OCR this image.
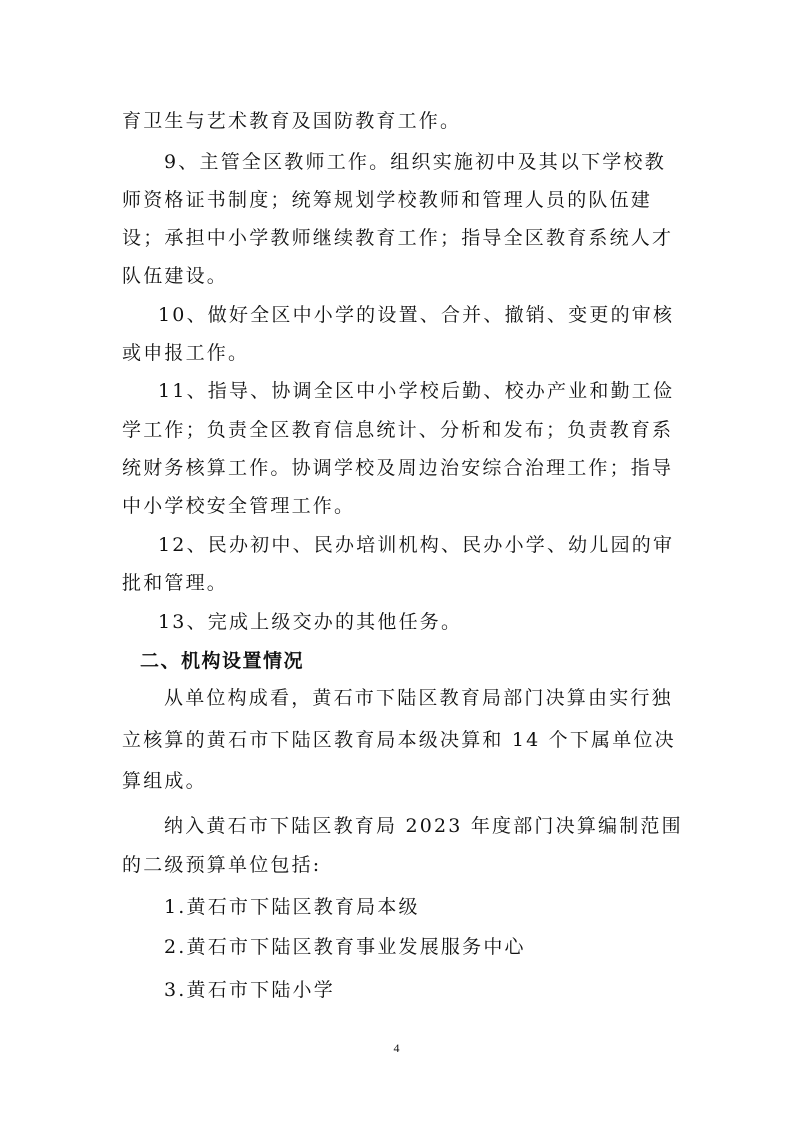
育卫生与艺术教育及国防教育工作。
9、主管全区教师工作。组织实施初中及其以下学校教
师资格证书制度；统筹规划学校教师和管理人员的队伍建
设；承担中小学教师继续教育工作；指导全区教育系统人才
队伍建设。
10、做好全区中小学的设置、合并、撤销、变更的审核
或申报工作。
11、指导、协调全区中小学校后勤、校办产业和勤工俭
学工作；负责全区教育信息统计、分析和发布；负责教育系
统财务核算工作。协调学校及周边治安综合治理工作；指导
中小学校安全管理工作。
12、民办初中、民办培训机构、民办小学、幼儿园的审
批和管理。
13、完成上级交办的其他任务。
二、机构设置情况
从单位构成看，黄石市下陆区教育局部门决算由实行独
立核算的黄石市下陆区教育局本级决算和 14 个下属单位决
算组成。
纳入黄石市下陆区教育局 2023 年度部门决算编制范围
的二级预算单位包括:
1.黄石市下陆区教育局本级
2.黄石市下陆区教育事业发展服务中心
3.黄石市下陆小学
4
